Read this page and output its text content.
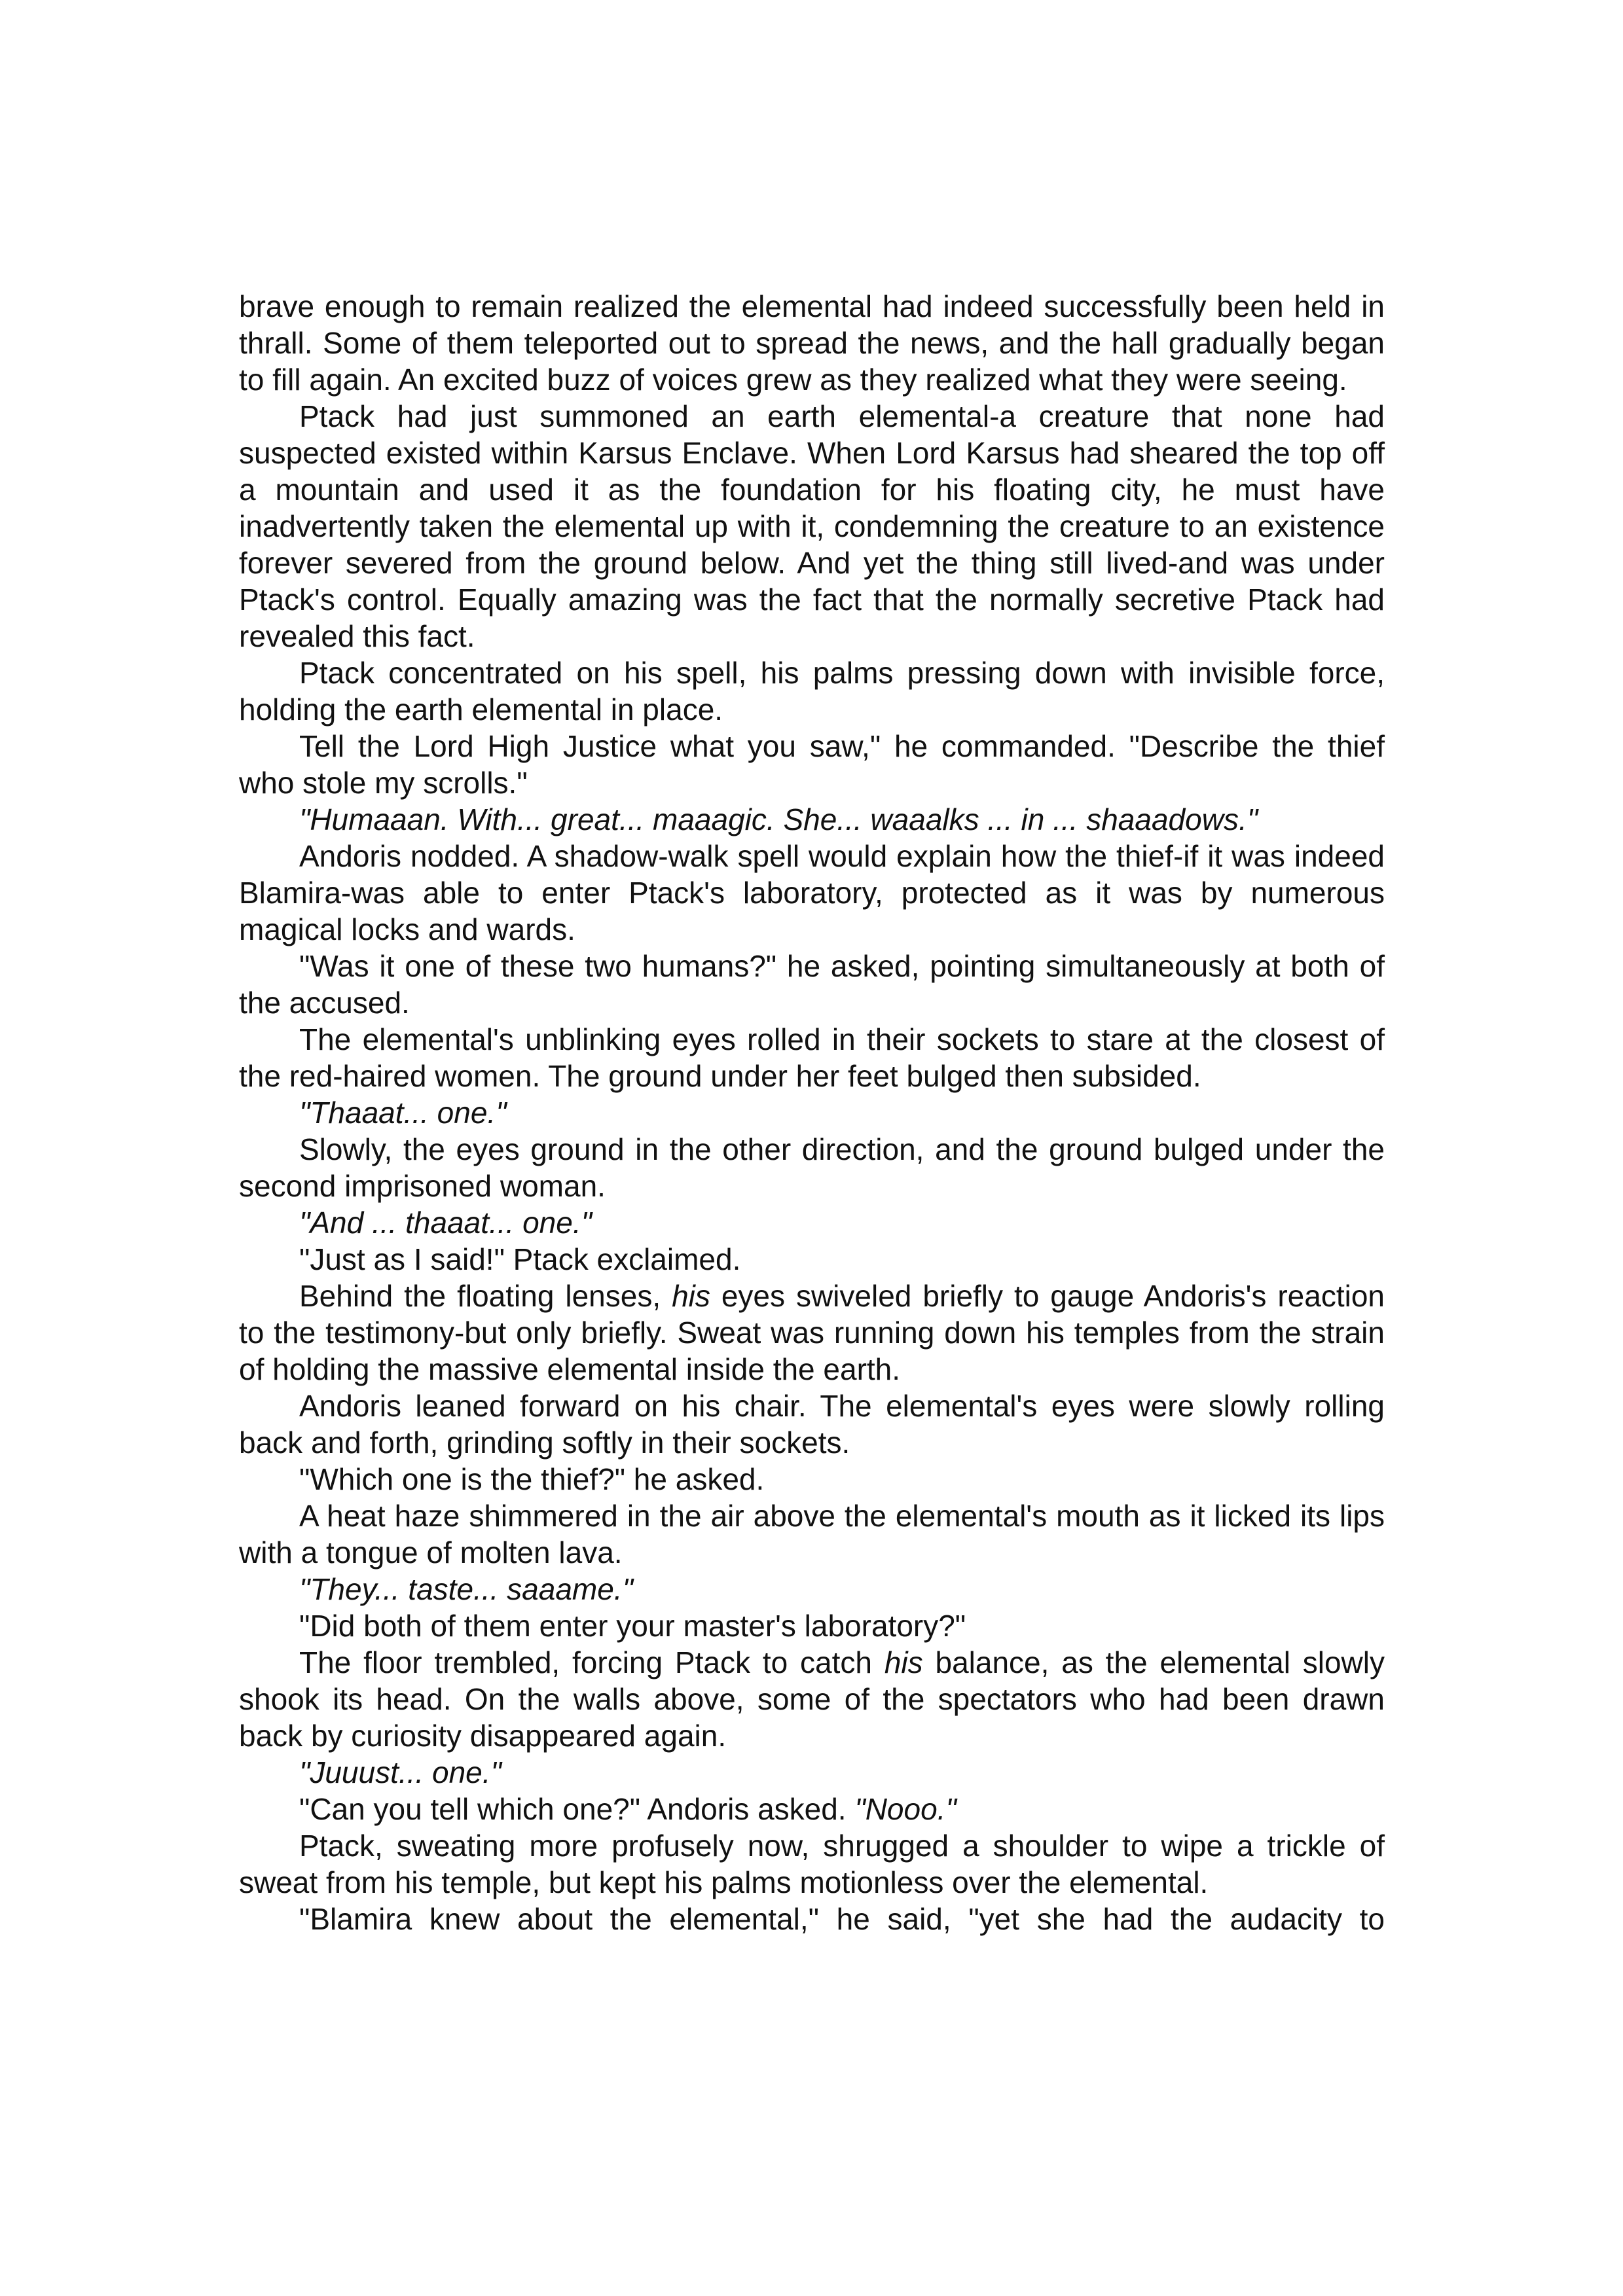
brave enough to remain realized the elemental had indeed successfully been held in thrall. Some of them teleported out to spread the news, and the hall gradually began to fill again. An excited buzz of voices grew as they realized what they were seeing.

Ptack had just summoned an earth elemental-a creature that none had suspected existed within Karsus Enclave. When Lord Karsus had sheared the top off a mountain and used it as the foundation for his floating city, he must have inadvertently taken the elemental up with it, condemning the creature to an existence forever severed from the ground below. And yet the thing still lived-and was under Ptack's control. Equally amazing was the fact that the normally secretive Ptack had revealed this fact.

Ptack concentrated on his spell, his palms pressing down with invisible force, holding the earth elemental in place.

Tell the Lord High Justice what you saw," he commanded. "Describe the thief who stole my scrolls."

"Humaaan. With... great... maaagic. She... waaalks ... in ... shaaadows."

Andoris nodded. A shadow-walk spell would explain how the thief-if it was indeed Blamira-was able to enter Ptack's laboratory, protected as it was by numerous magical locks and wards.

"Was it one of these two humans?" he asked, pointing simultaneously at both of the accused.

The elemental's unblinking eyes rolled in their sockets to stare at the closest of the red-haired women. The ground under her feet bulged then subsided.

"Thaaat... one."

Slowly, the eyes ground in the other direction, and the ground bulged under the second imprisoned woman.

"And ... thaaat... one."

"Just as I said!" Ptack exclaimed.

Behind the floating lenses, his eyes swiveled briefly to gauge Andoris's reaction to the testimony-but only briefly. Sweat was running down his temples from the strain of holding the massive elemental inside the earth.

Andoris leaned forward on his chair. The elemental's eyes were slowly rolling back and forth, grinding softly in their sockets.

"Which one is the thief?" he asked.

A heat haze shimmered in the air above the elemental's mouth as it licked its lips with a tongue of molten lava.

"They... taste... saaame."

"Did both of them enter your master's laboratory?"

The floor trembled, forcing Ptack to catch his balance, as the elemental slowly shook its head. On the walls above, some of the spectators who had been drawn back by curiosity disappeared again.

"Juuust... one."

"Can you tell which one?" Andoris asked. "Nooo."

Ptack, sweating more profusely now, shrugged a shoulder to wipe a trickle of sweat from his temple, but kept his palms motionless over the elemental.

"Blamira knew about the elemental," he said, "yet she had the audacity to
